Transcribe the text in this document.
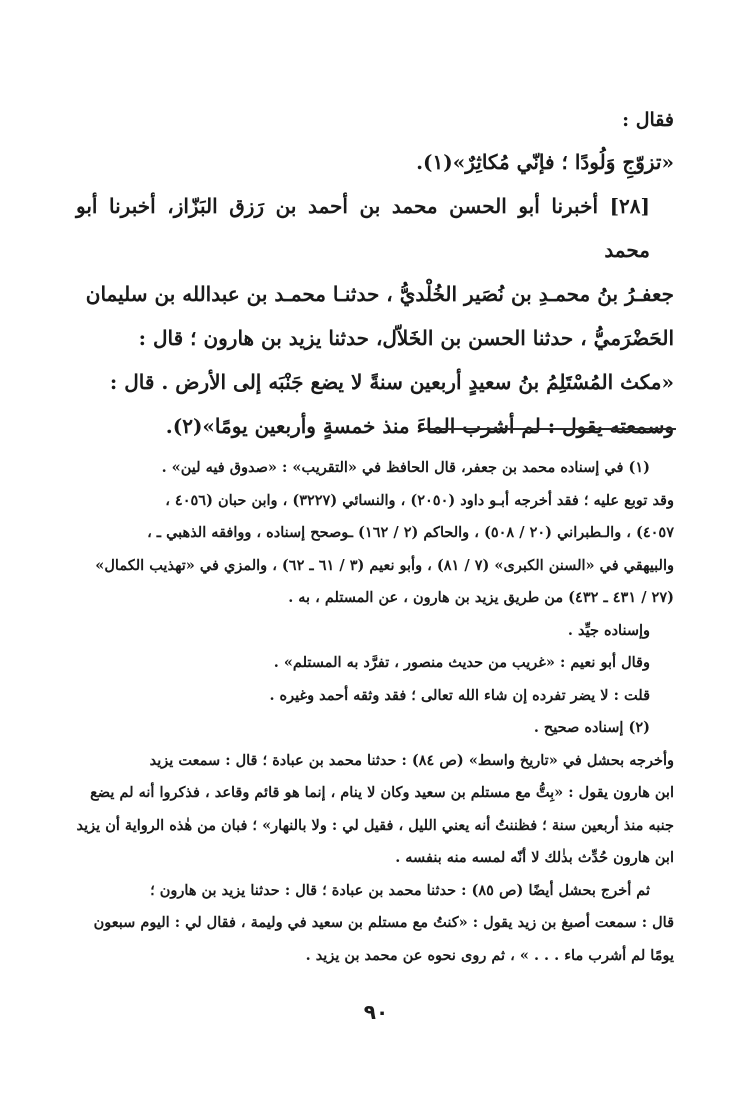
فقال :

«تزوّجِ وَلُودًا ؛ فإنّي مُكاثِرٌ»(١).

[٢٨] أخبرنا أبو الحسن محمد بن أحمد بن رَزق البَزّاز، أخبرنا أبو محمد

جعفـرُ بنُ محمـدِ بن نُصَير الخُلْديُّ ، حدثنـا محمـد بن عبدالله بن سليمان

الحَضْرَميُّ ، حدثنا الحسن بن الخَلاّل، حدثنا يزيد بن هارون ؛ قال :

«مكث المُسْتَلِمُ بنُ سعيدٍ أربعين سنةً لا يضع جَنْبَه إلى الأرض . قال :

وسمعته يقول : لم أشرب الماءَ منذ خمسةٍ وأربعين يومًا»(٢).

(١) في إسناده محمد بن جعفر، قال الحافظ في «التقريب» : «صدوق فيه لين» .

وقد توبع عليه ؛ فقد أخرجه أبـو داود (٢٠٥٠) ، والنسائي (٣٢٢٧) ، وابن حبان (٤٠٥٦ ،

٤٠٥٧) ، والـطبراني (٢٠ / ٥٠٨) ، والحاكم (٢ / ١٦٢) ـوصحح إسناده ، ووافقه الذهبي ـ ،

والبيهقي في «السنن الكبرى» (٧ / ٨١) ، وأبو نعيم (٣ / ٦١ ـ ٦٢) ، والمزي في «تهذيب الكمال»

(٢٧ / ٤٣١ ـ ٤٣٢) من طريق يزيد بن هارون ، عن المستلم ، به .

وإسناده جيِّد .

وقال أبو نعيم : «غريب من حديث منصور ، تفرَّد به المستلم» .

قلت : لا يضر تفرده إن شاء الله تعالى ؛ فقد وثقه أحمد وغيره .

(٢) إسناده صحيح .

وأخرجه بحشل في «تاريخ واسط» (ص ٨٤) : حدثنا محمد بن عبادة ؛ قال : سمعت يزيد

ابن هارون يقول : «بِتُّ مع مستلم بن سعيد وكان لا ينام ، إنما هو قائم وقاعد ، فذكروا أنه لم يضع

جنبه منذ أربعين سنة ؛ فظننتُ أنه يعني الليل ، فقيل لي : ولا بالنهار» ؛ فبان من هٰذه الرواية أن يزيد

ابن هارون حُدِّث بذٰلك لا أنّه لمسه منه بنفسه .

ثم أخرج بحشل أيضًا (ص ٨٥) : حدثنا محمد بن عبادة ؛ قال : حدثنا يزيد بن هارون ؛

قال : سمعت أصبغ بن زيد يقول : «كنتُ مع مستلم بن سعيد في وليمة ، فقال لي : اليوم سبعون

يومًا لم أشرب ماء . . . » ، ثم روى نحوه عن محمد بن يزيد .

٩٠
